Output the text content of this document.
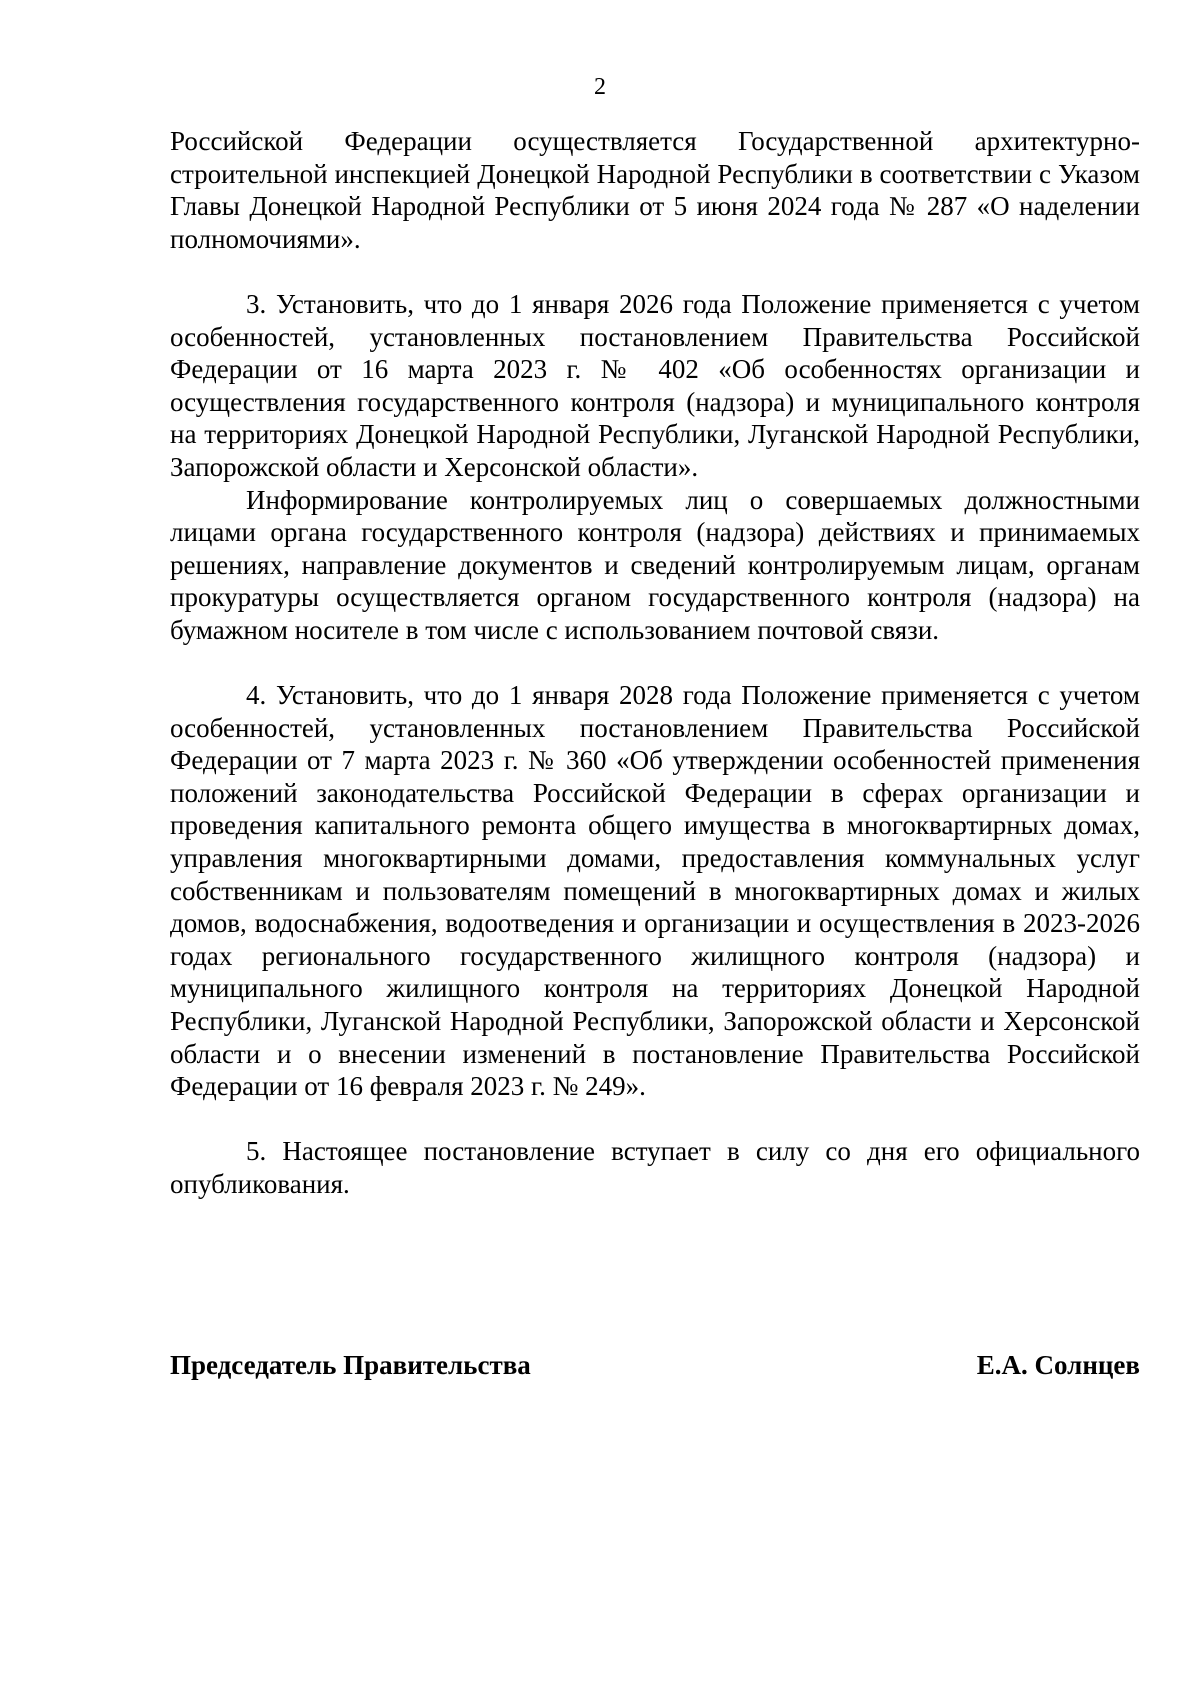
2

Российской Федерации осуществляется Государственной архитектурно-строительной инспекцией Донецкой Народной Республики в соответствии с Указом Главы Донецкой Народной Республики от 5 июня 2024 года № 287 «О наделении полномочиями».

3. Установить, что до 1 января 2026 года Положение применяется с учетом особенностей, установленных постановлением Правительства Российской Федерации от 16 марта 2023 г. № 402 «Об особенностях организации и осуществления государственного контроля (надзора) и муниципального контроля на территориях Донецкой Народной Республики, Луганской Народной Республики, Запорожской области и Херсонской области».

Информирование контролируемых лиц о совершаемых должностными лицами органа государственного контроля (надзора) действиях и принимаемых решениях, направление документов и сведений контролируемым лицам, органам прокуратуры осуществляется органом государственного контроля (надзора) на бумажном носителе в том числе с использованием почтовой связи.

4. Установить, что до 1 января 2028 года Положение применяется с учетом особенностей, установленных постановлением Правительства Российской Федерации от 7 марта 2023 г. № 360 «Об утверждении особенностей применения положений законодательства Российской Федерации в сферах организации и проведения капитального ремонта общего имущества в многоквартирных домах, управления многоквартирными домами, предоставления коммунальных услуг собственникам и пользователям помещений в многоквартирных домах и жилых домов, водоснабжения, водоотведения и организации и осуществления в 2023-2026 годах регионального государственного жилищного контроля (надзора) и муниципального жилищного контроля на территориях Донецкой Народной Республики, Луганской Народной Республики, Запорожской области и Херсонской области и о внесении изменений в постановление Правительства Российской Федерации от 16 февраля 2023 г. № 249».

5. Настоящее постановление вступает в силу со дня его официального опубликования.

Председатель Правительства	Е.А. Солнцев
